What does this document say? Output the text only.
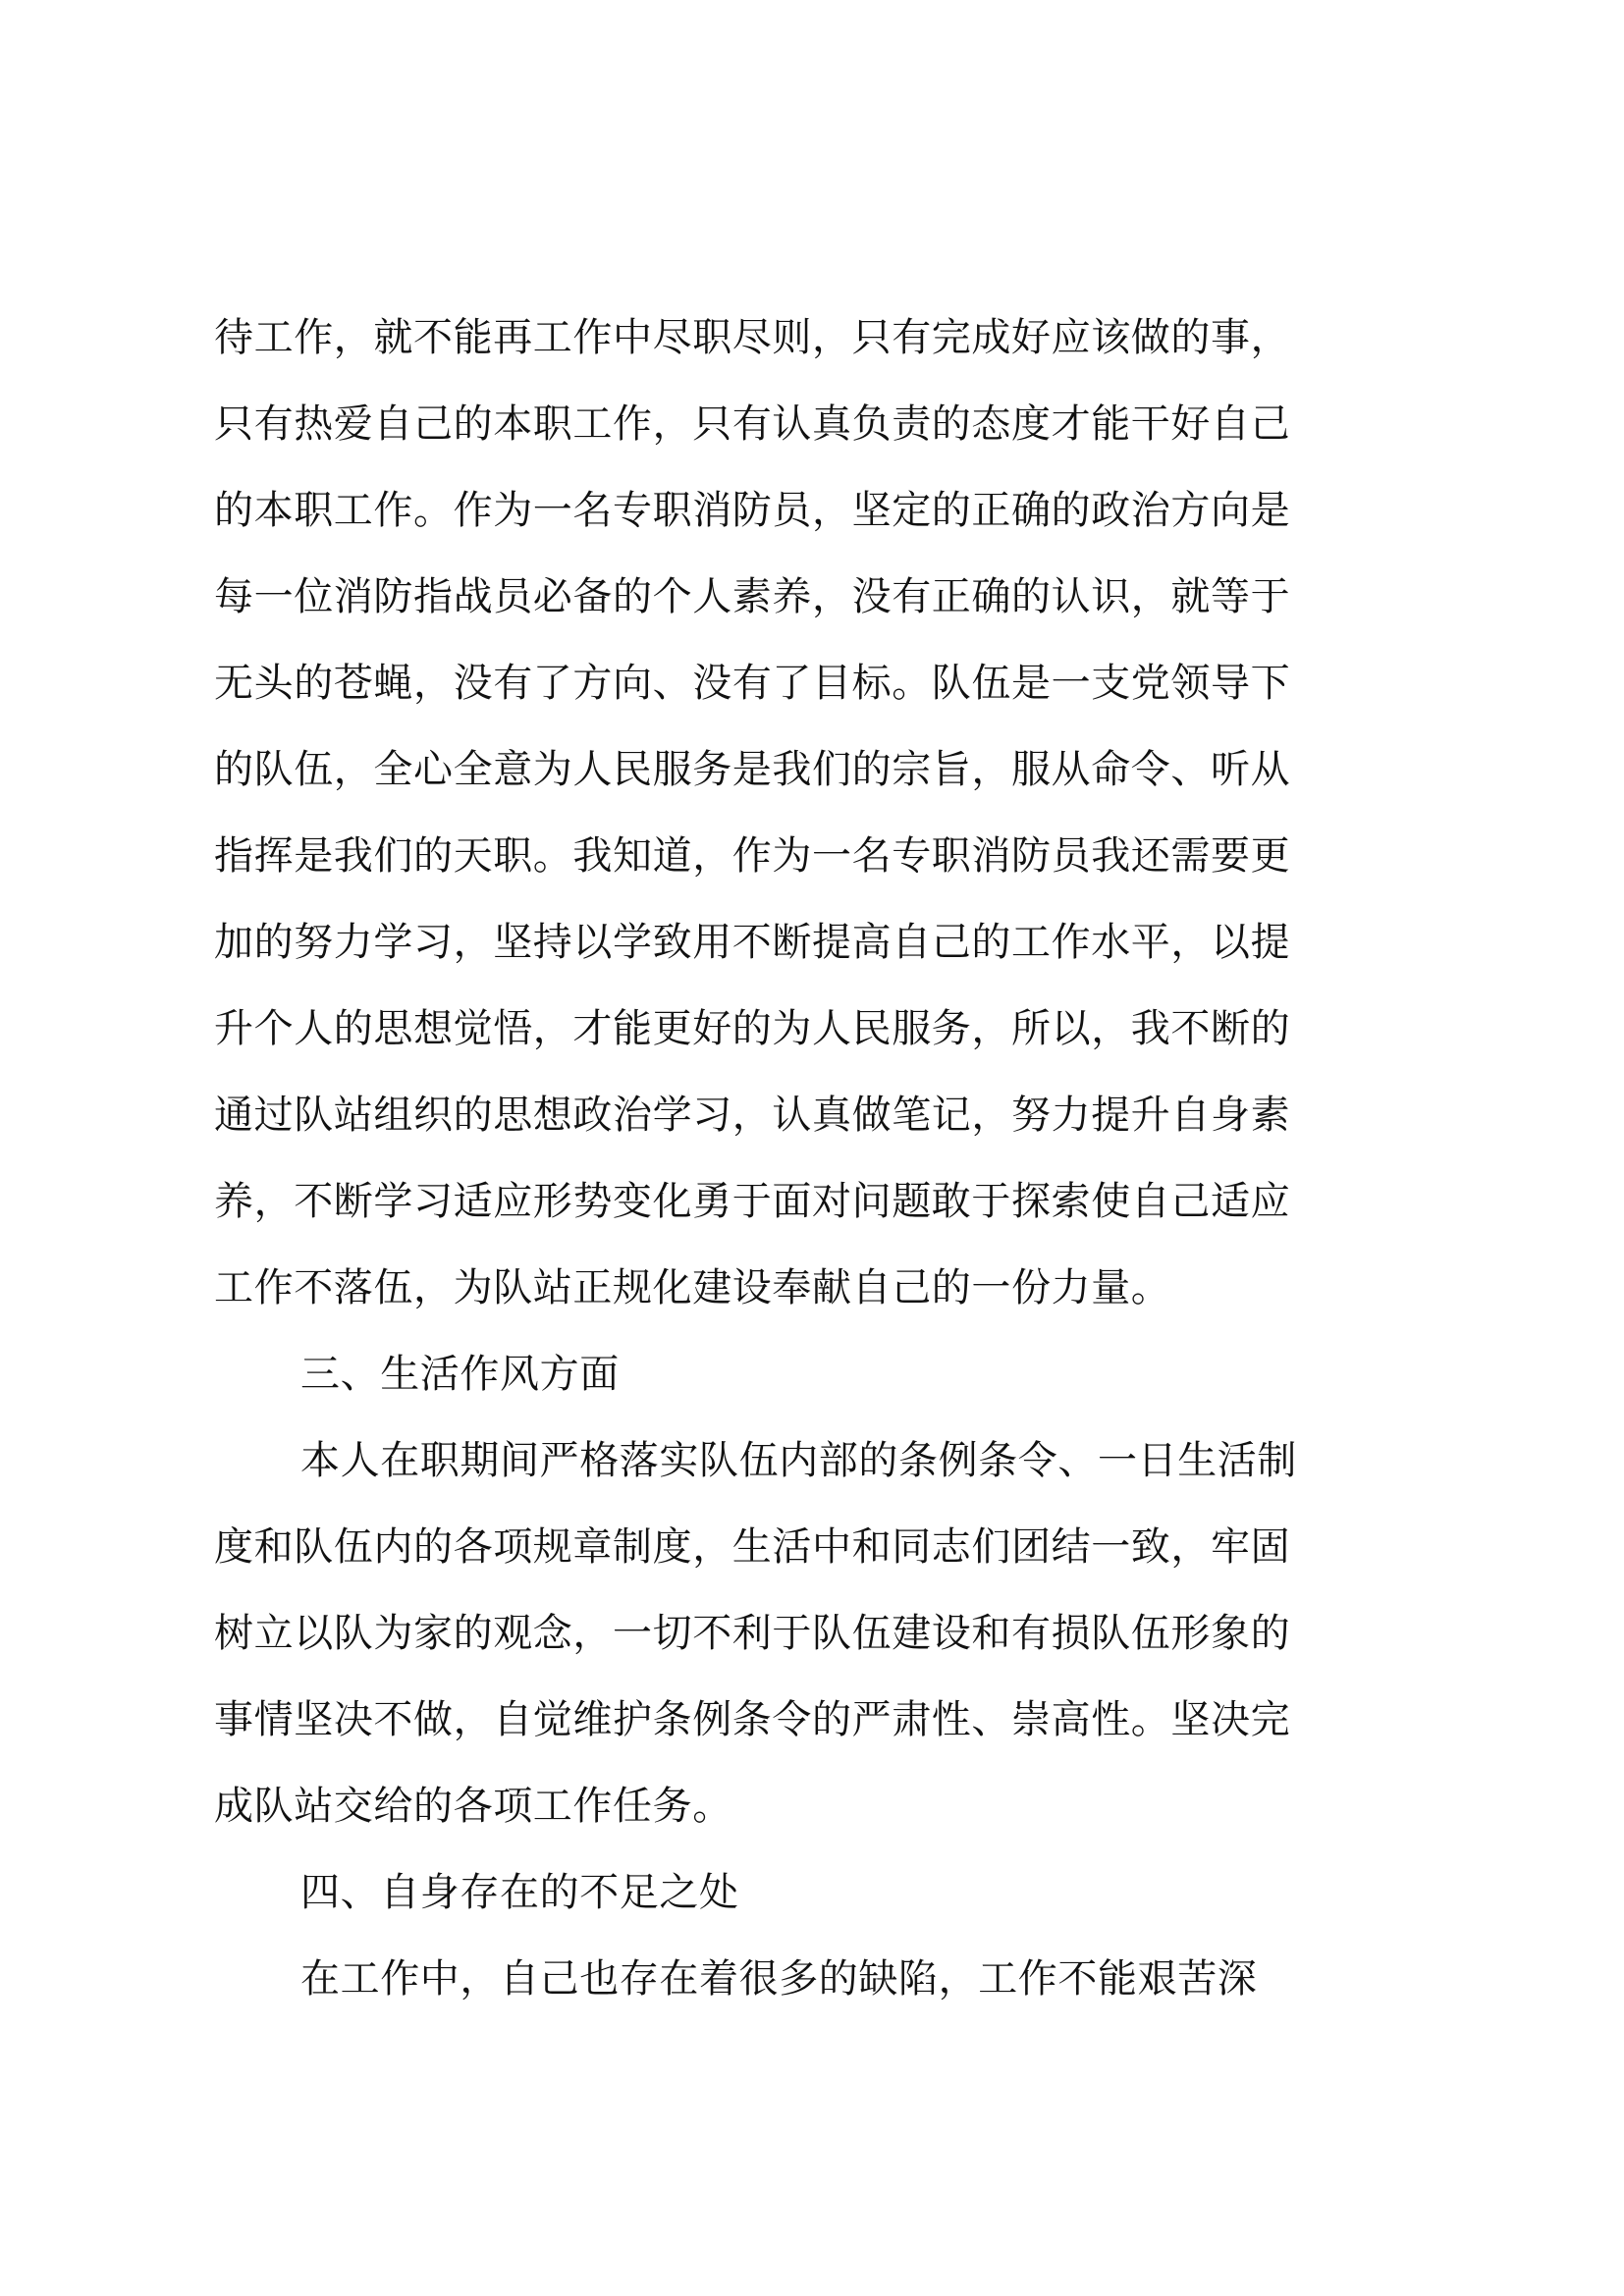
待工作，就不能再工作中尽职尽则，只有完成好应该做的事，
只有热爱自己的本职工作，只有认真负责的态度才能干好自己
的本职工作。作为一名专职消防员，坚定的正确的政治方向是
每一位消防指战员必备的个人素养，没有正确的认识，就等于
无头的苍蝇，没有了方向、没有了目标。队伍是一支党领导下
的队伍，全心全意为人民服务是我们的宗旨，服从命令、听从
指挥是我们的天职。我知道，作为一名专职消防员我还需要更
加的努力学习，坚持以学致用不断提高自己的工作水平，以提
升个人的思想觉悟，才能更好的为人民服务，所以，我不断的
通过队站组织的思想政治学习，认真做笔记，努力提升自身素
养，不断学习适应形势变化勇于面对问题敢于探索使自己适应
工作不落伍，为队站正规化建设奉献自己的一份力量。
三、生活作风方面
本人在职期间严格落实队伍内部的条例条令、一日生活制
度和队伍内的各项规章制度，生活中和同志们团结一致，牢固
树立以队为家的观念，一切不利于队伍建设和有损队伍形象的
事情坚决不做，自觉维护条例条令的严肃性、崇高性。坚决完
成队站交给的各项工作任务。
四、自身存在的不足之处
在工作中，自己也存在着很多的缺陷，工作不能艰苦深
